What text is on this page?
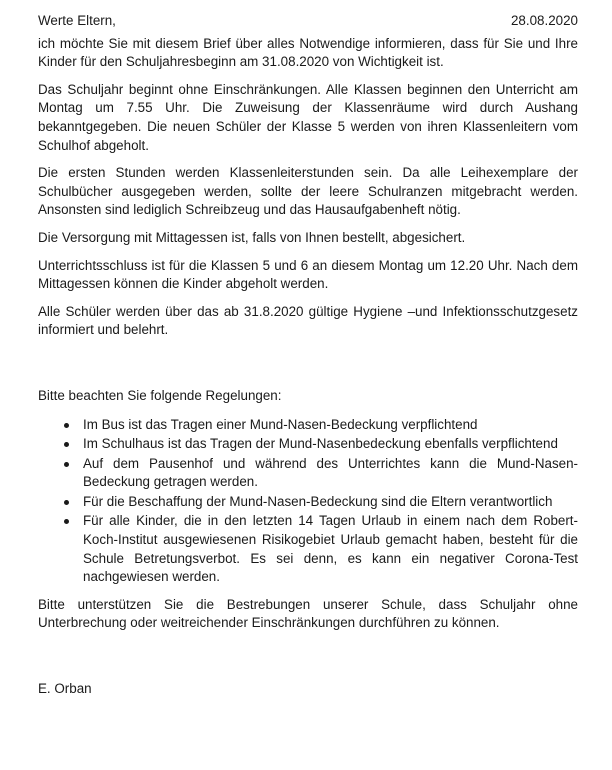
Werte Eltern,	28.08.2020

ich möchte Sie mit diesem Brief über alles Notwendige informieren, dass für Sie und Ihre Kinder für den Schuljahresbeginn am 31.08.2020 von Wichtigkeit ist.

Das Schuljahr beginnt ohne Einschränkungen. Alle Klassen beginnen den Unterricht am Montag um 7.55 Uhr. Die Zuweisung der Klassenräume wird durch Aushang bekanntgegeben. Die neuen Schüler der Klasse 5 werden von ihren Klassenleitern vom Schulhof abgeholt.

Die ersten Stunden werden Klassenleiterstunden sein. Da alle Leihexemplare der Schulbücher ausgegeben werden, sollte der leere Schulranzen mitgebracht werden. Ansonsten sind lediglich Schreibzeug und das Hausaufgabenheft nötig.

Die Versorgung mit Mittagessen ist, falls von Ihnen bestellt, abgesichert.

Unterrichtsschluss ist für die Klassen 5 und 6 an diesem Montag um 12.20 Uhr. Nach dem Mittagessen können die Kinder abgeholt werden.

Alle Schüler werden über das ab 31.8.2020 gültige Hygiene –und Infektionsschutzgesetz informiert und belehrt.

Bitte beachten Sie folgende Regelungen:

Im Bus ist das Tragen einer Mund-Nasen-Bedeckung verpflichtend
Im Schulhaus ist das Tragen der Mund-Nasenbedeckung ebenfalls verpflichtend
Auf dem Pausenhof und während des Unterrichtes kann die Mund-Nasen-Bedeckung getragen werden.
Für die Beschaffung der Mund-Nasen-Bedeckung sind die Eltern verantwortlich
Für alle Kinder, die in den letzten 14 Tagen Urlaub in einem nach dem Robert-Koch-Institut ausgewiesenen Risikogebiet Urlaub gemacht haben, besteht für die Schule Betretungsverbot. Es sei denn, es kann ein negativer Corona-Test nachgewiesen werden.

Bitte unterstützen Sie die Bestrebungen unserer Schule, dass Schuljahr ohne Unterbrechung oder weitreichender Einschränkungen durchführen zu können.

E. Orban
